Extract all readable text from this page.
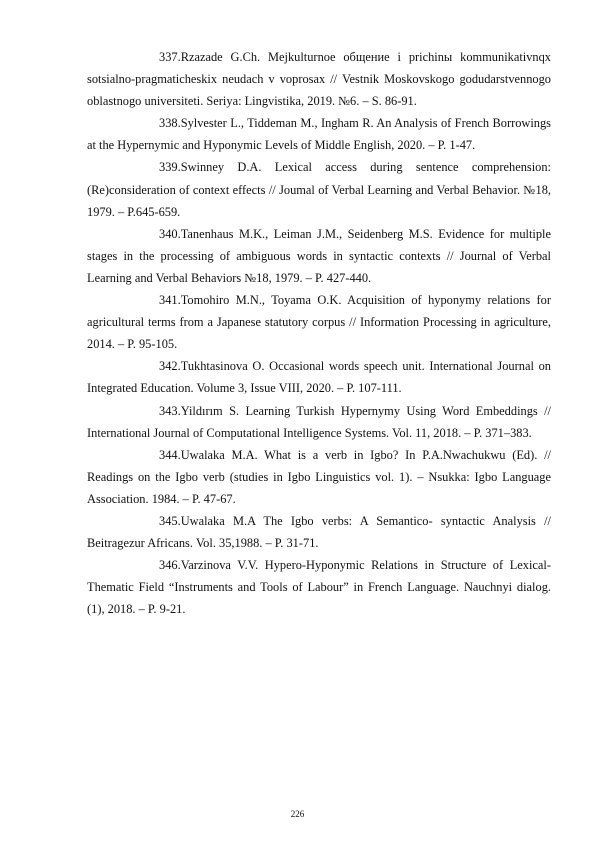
337.Rzazade G.Ch. Mejkulturnoe общение i prichinы kommunikativnqx sotsialno-pragmaticheskix neudach v voprosax // Vestnik Moskovskogo godudarstvennogo oblastnogo universiteti. Seriya: Lingvistika, 2019. №6. – S. 86-91.

338.Sylvester L., Tiddeman M., Ingham R. An Analysis of French Borrowings at the Hypernymic and Hyponymic Levels of Middle English, 2020. – P. 1-47.

339.Swinney D.A. Lexical access during sentence comprehension: (Re)consideration of context effects // Joumal of Verbal Learning and Verbal Behavior. №18, 1979. – P.645-659.

340.Tanenhaus M.K., Leiman J.M., Seidenberg M.S. Evidence for multiple stages in the processing of ambiguous words in syntactic contexts // Journal of Verbal Learning and Verbal Behaviors №18, 1979. – P. 427-440.

341.Tomohiro M.N., Toyama O.K. Acquisition of hyponymy relations for agricultural terms from a Japanese statutory corpus // Information Processing in agriculture, 2014. – P. 95-105.

342.Tukhtasinova O. Occasional words speech unit. International Journal on Integrated Education. Volume 3, Issue VIII, 2020. – P. 107-111.

343.Yildırım S. Learning Turkish Hypernymy Using Word Embeddings // International Journal of Computational Intelligence Systems. Vol. 11, 2018. – P. 371–383.

344.Uwalaka M.A. What is a verb in Igbo? In P.A.Nwachukwu (Ed). // Readings on the Igbo verb (studies in Igbo Linguistics vol. 1). – Nsukka: Igbo Language Association. 1984. – P. 47-67.

345.Uwalaka M.A The Igbo verbs: A Semantico- syntactic Analysis // Beitragezur Africans. Vol. 35,1988. – P. 31-71.

346.Varzinova V.V. Hypero-Hyponymic Relations in Structure of Lexical-Thematic Field “Instruments and Tools of Labour” in French Language. Nauchnyi dialog. (1), 2018. – P. 9-21.

226
